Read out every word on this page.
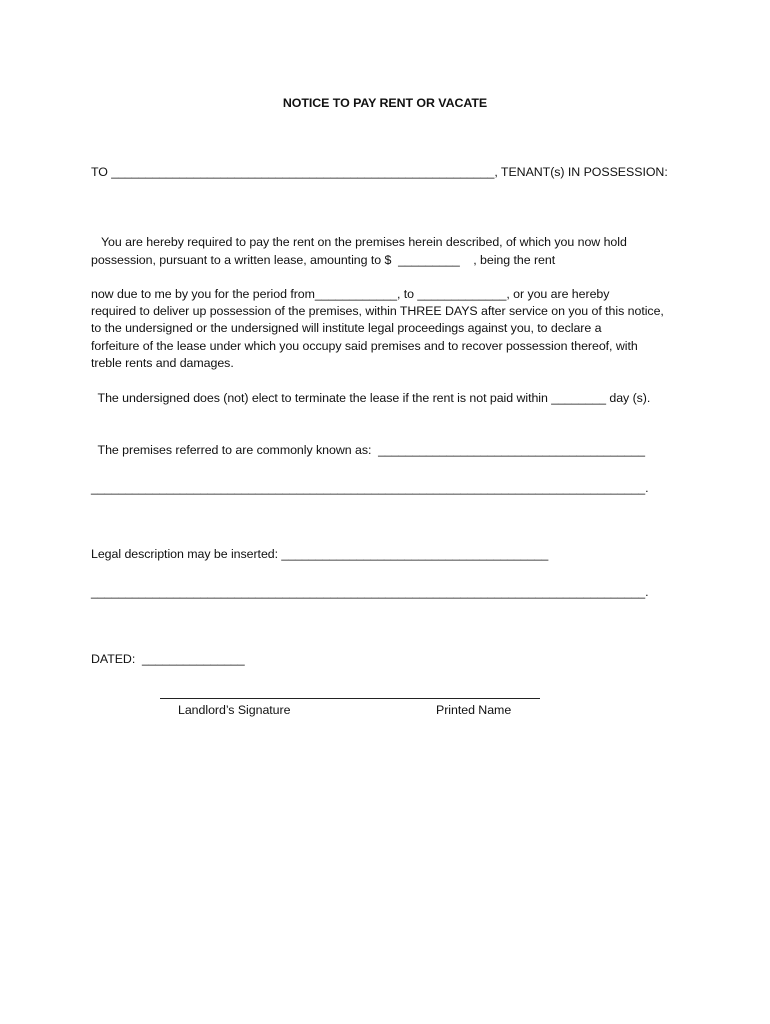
NOTICE TO PAY RENT OR VACATE
TO ________________________________________________________, TENANT(s) IN POSSESSION:
You are hereby required to pay the rent on the premises herein described, of which you now hold
possession, pursuant to a written lease, amounting to $  _________    , being the rent
now due to me by you for the period from____________, to _____________, or you are hereby
required to deliver up possession of the premises, within THREE DAYS after service on you of this notice,
to the undersigned or the undersigned will institute legal proceedings against you, to declare a
forfeiture of the lease under which you occupy said premises and to recover possession thereof, with
treble rents and damages.
The undersigned does (not) elect to terminate the lease if the rent is not paid within ________ day (s).
The premises referred to are commonly known as:  _______________________________________
_________________________________________________________________________________.
Legal description may be inserted: _______________________________________
_________________________________________________________________________________.
DATED:  _______________
Landlord’s Signature	Printed Name
